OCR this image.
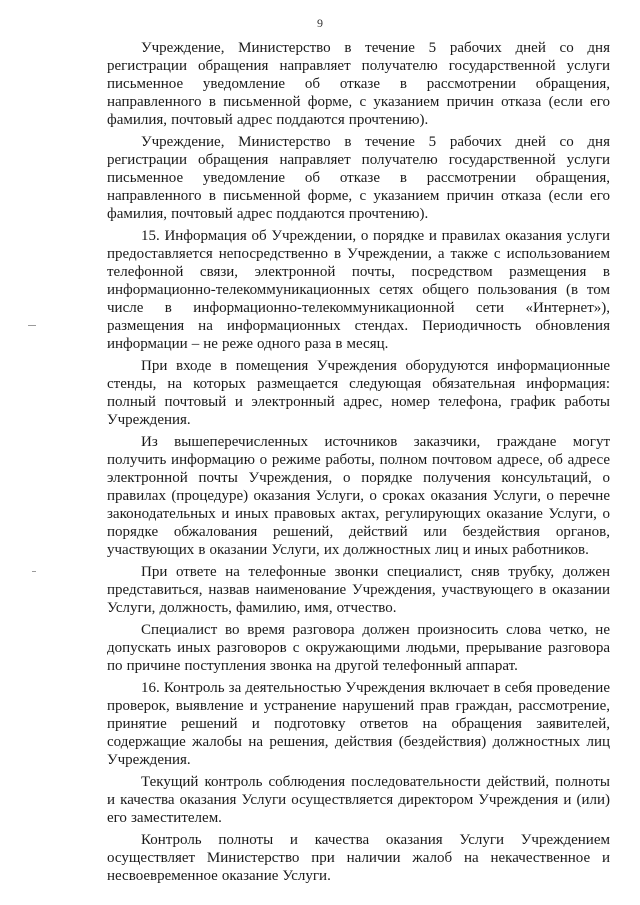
9

Учреждение, Министерство в течение 5 рабочих дней со дня регистрации обращения направляет получателю государственной услуги письменное уведомление об отказе в рассмотрении обращения, направленного в письменной форме, с указанием причин отказа (если его фамилия, почтовый адрес поддаются прочтению).

Учреждение, Министерство в течение 5 рабочих дней со дня регистрации обращения направляет получателю государственной услуги письменное уведомление об отказе в рассмотрении обращения, направленного в письменной форме, с указанием причин отказа (если его фамилия, почтовый адрес поддаются прочтению).

15. Информация об Учреждении, о порядке и правилах оказания услуги предоставляется непосредственно в Учреждении, а также с использованием телефонной связи, электронной почты, посредством размещения в информационно-телекоммуникационных сетях общего пользования (в том числе в информационно-телекоммуникационной сети «Интернет»), размещения на информационных стендах. Периодичность обновления информации – не реже одного раза в месяц.

При входе в помещения Учреждения оборудуются информационные стенды, на которых размещается следующая обязательная информация: полный почтовый и электронный адрес, номер телефона, график работы Учреждения.

Из вышеперечисленных источников заказчики, граждане могут получить информацию о режиме работы, полном почтовом адресе, об адресе электронной почты Учреждения, о порядке получения консультаций, о правилах (процедуре) оказания Услуги, о сроках оказания Услуги, о перечне законодательных и иных правовых актах, регулирующих оказание Услуги, о порядке обжалования решений, действий или бездействия органов, участвующих в оказании Услуги, их должностных лиц и иных работников.

При ответе на телефонные звонки специалист, сняв трубку, должен представиться, назвав наименование Учреждения, участвующего в оказании Услуги, должность, фамилию, имя, отчество.

Специалист во время разговора должен произносить слова четко, не допускать иных разговоров с окружающими людьми, прерывание разговора по причине поступления звонка на другой телефонный аппарат.

16. Контроль за деятельностью Учреждения включает в себя проведение проверок, выявление и устранение нарушений прав граждан, рассмотрение, принятие решений и подготовку ответов на обращения заявителей, содержащие жалобы на решения, действия (бездействия) должностных лиц Учреждения.

Текущий контроль соблюдения последовательности действий, полноты и качества оказания Услуги осуществляется директором Учреждения и (или) его заместителем.

Контроль полноты и качества оказания Услуги Учреждением осуществляет Министерство при наличии жалоб на некачественное и несвоевременное оказание Услуги.
